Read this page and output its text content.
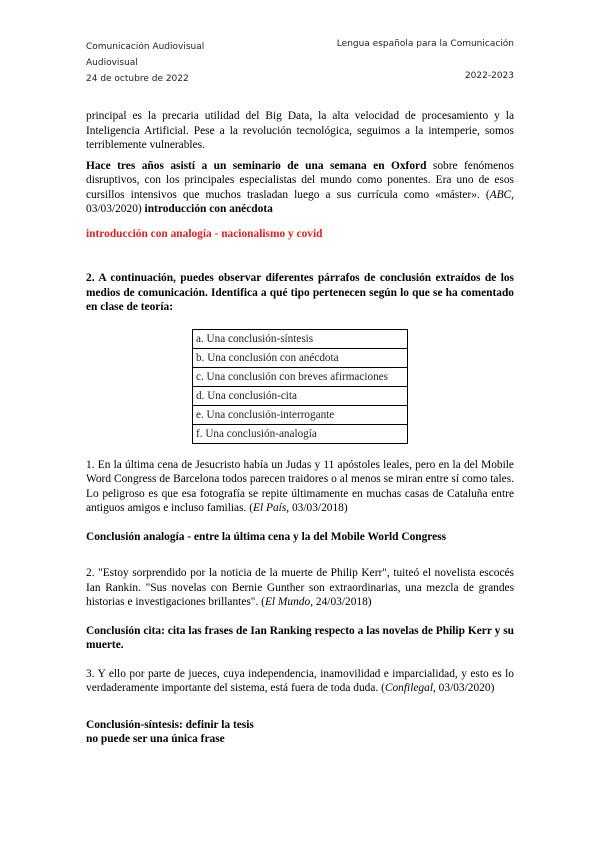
Comunicación Audiovisual
Audiovisual
24 de octubre de 2022
Lengua española para la Comunicación
2022-2023

principal es la precaria utilidad del Big Data, la alta velocidad de procesamiento y la Inteligencia Artificial. Pese a la revolución tecnológica, seguimos a la intemperie, somos terriblemente vulnerables.

Hace tres años asistí a un seminario de una semana en Oxford sobre fenómenos disruptivos, con los principales especialistas del mundo como ponentes. Era uno de esos cursillos intensivos que muchos trasladan luego a sus currícula como «máster». (ABC, 03/03/2020) introducción con anécdota

introducción con analogía - nacionalismo y covid

2. A continuación, puedes observar diferentes párrafos de conclusión extraídos de los medios de comunicación. Identifica a qué tipo pertenecen según lo que se ha comentado en clase de teoría:

a. Una conclusión-síntesis
b. Una conclusión con anécdota
c. Una conclusión con breves afirmaciones
d. Una conclusión-cita
e. Una conclusión-interrogante
f. Una conclusión-analogía

1. En la última cena de Jesucristo había un Judas y 11 apóstoles leales, pero en la del Mobile Word Congress de Barcelona todos parecen traidores o al menos se miran entre sí como tales. Lo peligroso es que esa fotografía se repite últimamente en muchas casas de Cataluña entre antiguos amigos e incluso familias. (El País, 03/03/2018)

Conclusión analogía - entre la última cena y la del Mobile World Congress

2. "Estoy sorprendido por la noticia de la muerte de Philip Kerr", tuiteó el novelista escocés Ian Rankin. "Sus novelas con Bernie Gunther son extraordinarias, una mezcla de grandes historias e investigaciones brillantes". (El Mundo, 24/03/2018)

Conclusión cita: cita las frases de Ian Ranking respecto a las novelas de Philip Kerr y su muerte.

3. Y ello por parte de jueces, cuya independencia, inamovilidad e imparcialidad, y esto es lo verdaderamente importante del sistema, está fuera de toda duda. (Confilegal, 03/03/2020)

Conclusión-síntesis: definir la tesis

no puede ser una única frase
